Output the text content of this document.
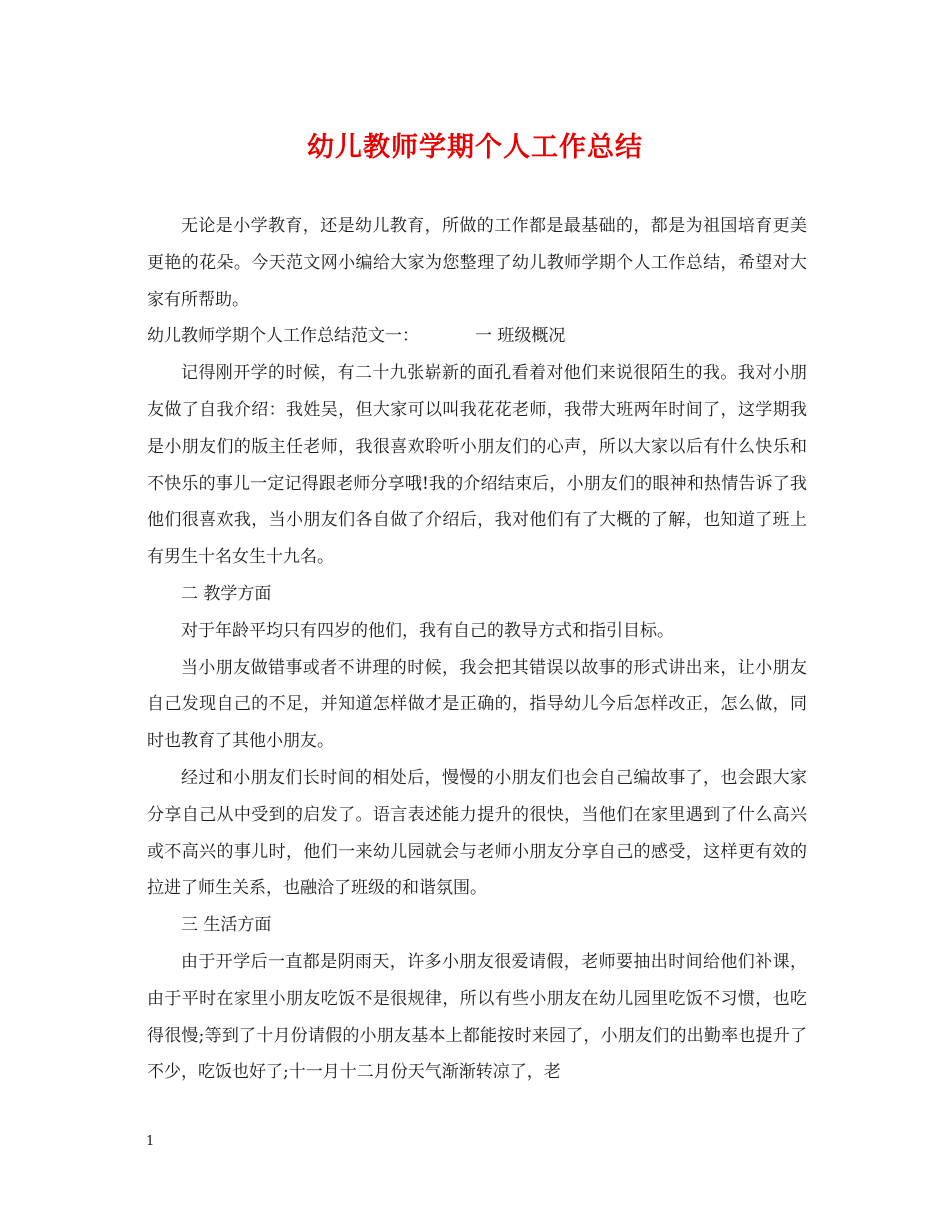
幼儿教师学期个人工作总结

无论是小学教育，还是幼儿教育，所做的工作都是最基础的，都是为祖国培育更美更艳的花朵。今天范文网小编给大家为您整理了幼儿教师学期个人工作总结，希望对大家有所帮助。

幼儿教师学期个人工作总结范文一：	一 班级概况

记得刚开学的时候，有二十九张崭新的面孔看着对他们来说很陌生的我。我对小朋友做了自我介绍：我姓吴，但大家可以叫我花花老师，我带大班两年时间了，这学期我是小朋友们的版主任老师，我很喜欢聆听小朋友们的心声，所以大家以后有什么快乐和不快乐的事儿一定记得跟老师分享哦!我的介绍结束后，小朋友们的眼神和热情告诉了我他们很喜欢我，当小朋友们各自做了介绍后，我对他们有了大概的了解，也知道了班上有男生十名女生十九名。

二 教学方面

对于年龄平均只有四岁的他们，我有自己的教导方式和指引目标。

当小朋友做错事或者不讲理的时候，我会把其错误以故事的形式讲出来，让小朋友自己发现自己的不足，并知道怎样做才是正确的，指导幼儿今后怎样改正，怎么做，同时也教育了其他小朋友。

经过和小朋友们长时间的相处后，慢慢的小朋友们也会自己编故事了，也会跟大家分享自己从中受到的启发了。语言表述能力提升的很快，当他们在家里遇到了什么高兴或不高兴的事儿时，他们一来幼儿园就会与老师小朋友分享自己的感受，这样更有效的拉进了师生关系，也融洽了班级的和谐氛围。

三 生活方面

由于开学后一直都是阴雨天，许多小朋友很爱请假，老师要抽出时间给他们补课，由于平时在家里小朋友吃饭不是很规律，所以有些小朋友在幼儿园里吃饭不习惯，也吃得很慢;等到了十月份请假的小朋友基本上都能按时来园了，小朋友们的出勤率也提升了不少，吃饭也好了;十一月十二月份天气渐渐转凉了，老

1
